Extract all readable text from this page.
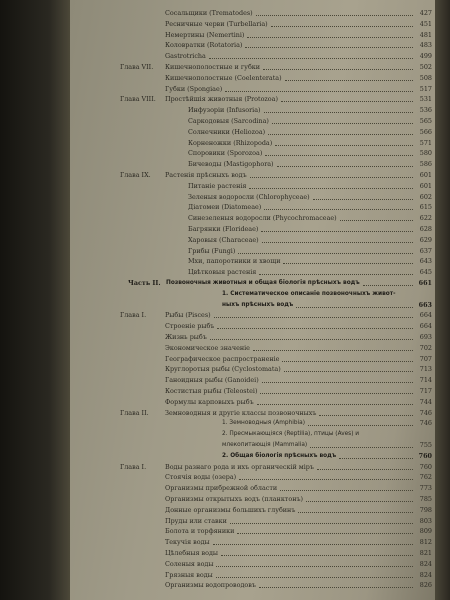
Сосальщики (Trematodes)	427
Ресничные черви (Turbellaria)	451
Немертины (Nemertini)	481
Коловратки (Rotatoria)	483
Gastrotricha	499
Глава VII. Кишечнополостные и губки	502
Кишечнополостные (Coelenterata)	508
Губки (Spongiae)	517
Глава VIII. Простѣйшія животныя (Protozoa)	531
Инфузоріи (Infusoria)	536
Саркодовыя (Sarcodina)	565
Солнечники (Heliozoa)	566
Корненожки (Rhizopoda)	571
Споровики (Sporozoa)	580
Бичеводы (Mastigophora)	586
Глава IX. Растенія прѣсныхъ водъ	601
Питаніе растенія	601
Зеленыя водоросли (Chlorophyceae)	602
Діатомеи (Diatomeae)	615
Синезеленыя водоросли (Phycochromaceae)	622
Багрянки (Florideae)	628
Харовыя (Characeae)	629
Грибы (Fungi)	637
Мхи, папоротники и хвощи	643
Цвѣтковыя растенія	645
Часть II. Позвоночныя животныя и общая біологія прѣсныхъ водъ	661
1. Систематическое описаніе позвоночныхъ живот-
ныхъ прѣсныхъ водъ	663
Глава I.	Рыбы (Pisces)	664
Строеніе рыбъ	664
Жизнь рыбъ	693
Экономическое значеніе	702
Географическое распространеніе	707
Круглоротыя рыбы (Cyclostomata)	713
Ганоидныя рыбы (Ganoidei)	714
Костистыя рыбы (Teleostei)	717
Формулы карповыхъ рыбъ	744
Глава II.	Земноводныя и другіе классы позвоночныхъ	746
1. Земноводныя (Amphibia)	746
2. Пресмыкающіяся (Reptilia), птицы (Aves) и
млекопитающія (Mammalia)	755
2. Общая біологія прѣсныхъ водъ	760
Глава I.	Воды разнаго рода и ихъ органическій міръ	760
Стоячія воды (озера)	762
Организмы прибрежной области	773
Организмы открытыхъ водъ (планктонъ)	785
Донные организмы большихъ глубинъ	798
Пруды или ставки	803
Болота и торфяники	809
Текучія воды	812
Цѣлебныя воды	821
Соленыя воды	824
Грязныя воды	824
Организмы водопроводовъ	826
